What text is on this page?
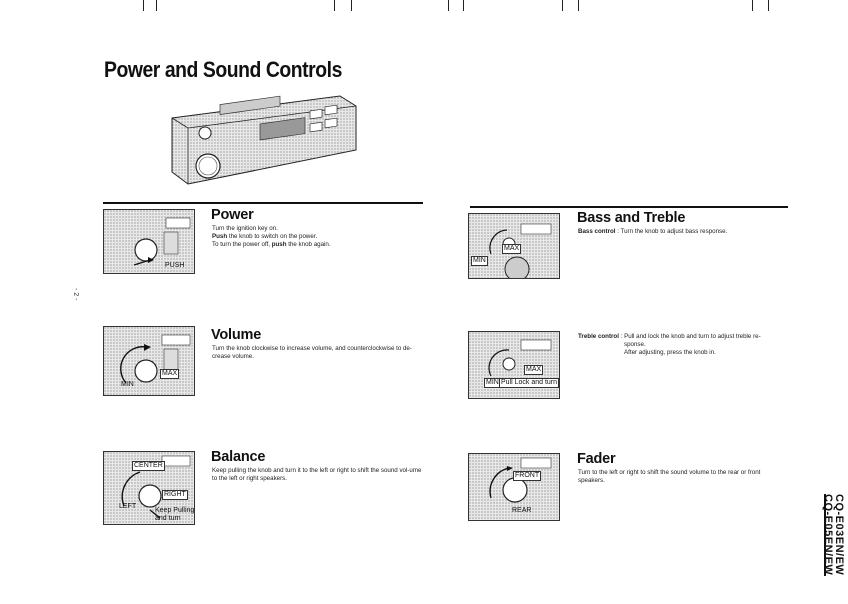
Power and Sound Controls
PUSH
Power
Turn the ignition key on.
Push the knob to switch on the power.
To turn the power off, push the knob again.
MAX
MIN
Bass and Treble
Bass control : Turn the knob to adjust bass response.
MAX
MIN Pull Lock and turn
Treble control : Pull and lock the knob and turn to adjust treble re-
sponse.
After adjusting, press the knob in.
MAX
MIN
Volume
Turn the knob clockwise to increase volume, and counterclockwise to de-crease volume.
CENTER
RIGHT
LEFT
Keep Pulling
and turn
Balance
Keep pulling the knob and turn it to the left or right to shift the sound vol-ume to the left or right speakers.	FRONT
REAR
Fader
Turn to the left or right to shift the sound volume to the rear or front speakers.
- 2 -
CQ-E03EN/EW
CQ-E05EN/EW
